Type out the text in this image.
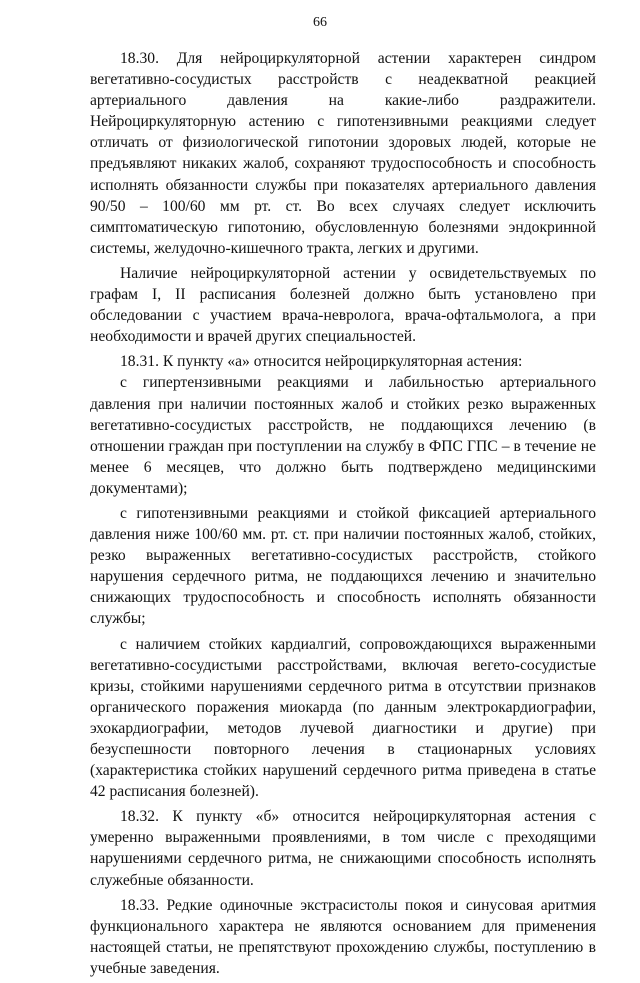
66

18.30. Для нейроциркуляторной астении характерен синдром вегетативно-сосудистых расстройств с неадекватной реакцией артериального давления на какие-либо раздражители. Нейроциркуляторную астению с гипотензивными реакциями следует отличать от физиологической гипотонии здоровых людей, которые не предъявляют никаких жалоб, сохраняют трудоспособность и способность исполнять обязанности службы при показателях артериального давления 90/50 – 100/60 мм рт. ст. Во всех случаях следует исключить симптоматическую гипотонию, обусловленную болезнями эндокринной системы, желудочно-кишечного тракта, легких и другими.

Наличие нейроциркуляторной астении у освидетельствуемых по графам I, II расписания болезней должно быть установлено при обследовании с участием врача-невролога, врача-офтальмолога, а при необходимости и врачей других специальностей.

18.31. К пункту «а» относится нейроциркуляторная астения:

с гипертензивными реакциями и лабильностью артериального давления при наличии постоянных жалоб и стойких резко выраженных вегетативно-сосудистых расстройств, не поддающихся лечению (в отношении граждан при поступлении на службу в ФПС ГПС – в течение не менее 6 месяцев, что должно быть подтверждено медицинскими документами);

с гипотензивными реакциями и стойкой фиксацией артериального давления ниже 100/60 мм. рт. ст. при наличии постоянных жалоб, стойких, резко выраженных вегетативно-сосудистых расстройств, стойкого нарушения сердечного ритма, не поддающихся лечению и значительно снижающих трудоспособность и способность исполнять обязанности службы;

с наличием стойких кардиалгий, сопровождающихся выраженными вегетативно-сосудистыми расстройствами, включая вегето-сосудистые кризы, стойкими нарушениями сердечного ритма в отсутствии признаков органического поражения миокарда (по данным электрокардиографии, эхокардиографии, методов лучевой диагностики и другие) при безуспешности повторного лечения в стационарных условиях (характеристика стойких нарушений сердечного ритма приведена в статье 42 расписания болезней).

18.32. К пункту «б» относится нейроциркуляторная астения с умеренно выраженными проявлениями, в том числе с преходящими нарушениями сердечного ритма, не снижающими способность исполнять служебные обязанности.

18.33. Редкие одиночные экстрасистолы покоя и синусовая аритмия функционального характера не являются основанием для применения настоящей статьи, не препятствуют прохождению службы, поступлению в учебные заведения.
